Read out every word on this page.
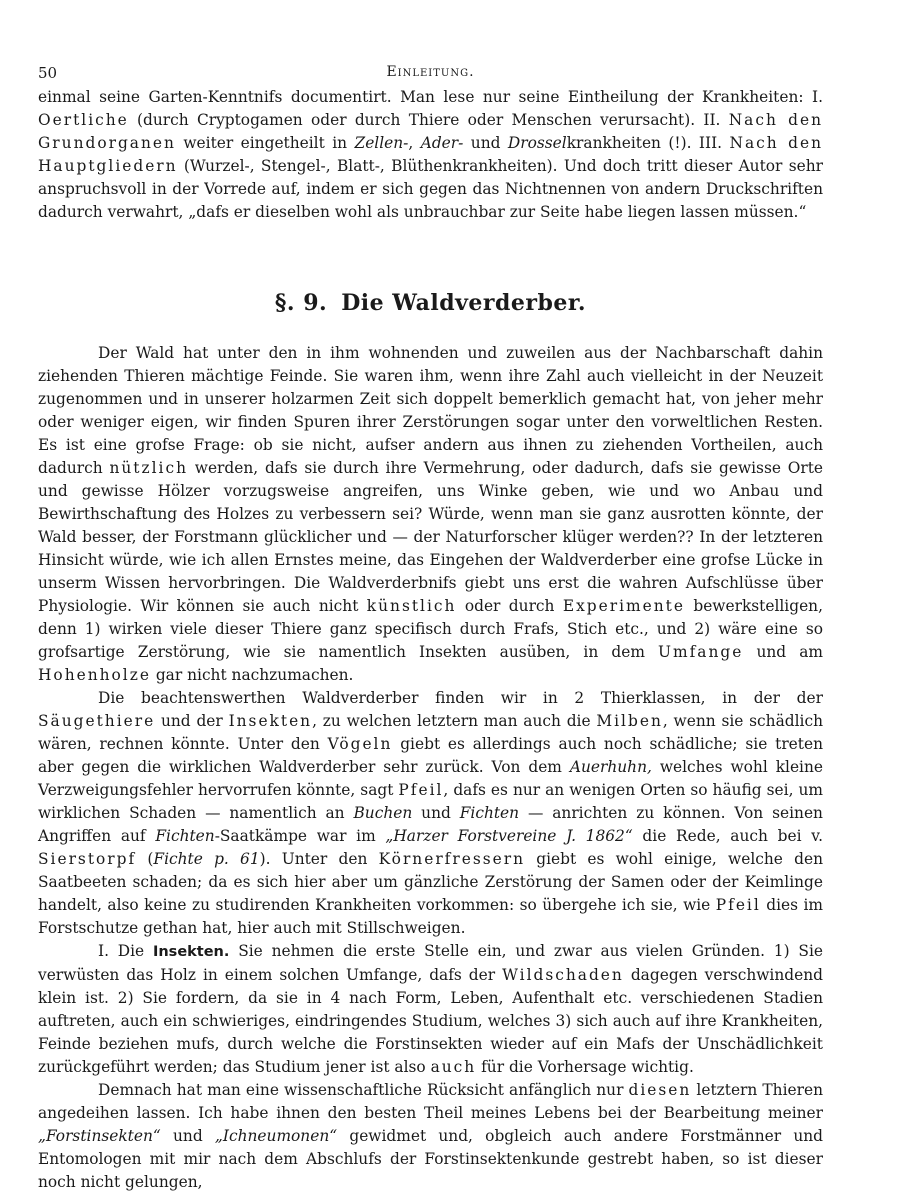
50	Einleitung.

einmal seine Garten-Kenntnifs documentirt. Man lese nur seine Eintheilung der Krankheiten: I. Oertliche (durch Cryptogamen oder durch Thiere oder Menschen verursacht). II. Nach den Grundorganen weiter eingetheilt in Zellen-, Ader- und Drosselkrankheiten (!). III. Nach den Hauptgliedern (Wurzel-, Stengel-, Blatt-, Blüthenkrankheiten). Und doch tritt dieser Autor sehr anspruchsvoll in der Vorrede auf, indem er sich gegen das Nichtnennen von andern Druckschriften dadurch verwahrt, „dafs er dieselben wohl als unbrauchbar zur Seite habe liegen lassen müssen.“

§. 9. Die Waldverderber.

Der Wald hat unter den in ihm wohnenden und zuweilen aus der Nachbarschaft dahin ziehenden Thieren mächtige Feinde. Sie waren ihm, wenn ihre Zahl auch vielleicht in der Neuzeit zugenommen und in unserer holzarmen Zeit sich doppelt bemerklich gemacht hat, von jeher mehr oder weniger eigen, wir finden Spuren ihrer Zerstörungen sogar unter den vorweltlichen Resten. Es ist eine grofse Frage: ob sie nicht, aufser andern aus ihnen zu ziehenden Vortheilen, auch dadurch nützlich werden, dafs sie durch ihre Vermehrung, oder dadurch, dafs sie gewisse Orte und gewisse Hölzer vorzugsweise angreifen, uns Winke geben, wie und wo Anbau und Bewirthschaftung des Holzes zu verbessern sei? Würde, wenn man sie ganz ausrotten könnte, der Wald besser, der Forstmann glücklicher und — der Naturforscher klüger werden?? In der letzteren Hinsicht würde, wie ich allen Ernstes meine, das Eingehen der Waldverderber eine grofse Lücke in unserm Wissen hervorbringen. Die Waldverderbnifs giebt uns erst die wahren Aufschlüsse über Physiologie. Wir können sie auch nicht künstlich oder durch Experimente bewerkstelligen, denn 1) wirken viele dieser Thiere ganz specifisch durch Frafs, Stich etc., und 2) wäre eine so grofsartige Zerstörung, wie sie namentlich Insekten ausüben, in dem Umfange und am Hohenholze gar nicht nachzumachen.

Die beachtenswerthen Waldverderber finden wir in 2 Thierklassen, in der der Säugethiere und der Insekten, zu welchen letztern man auch die Milben, wenn sie schädlich wären, rechnen könnte. Unter den Vögeln giebt es allerdings auch noch schädliche; sie treten aber gegen die wirklichen Waldverderber sehr zurück. Von dem Auerhuhn, welches wohl kleine Verzweigungsfehler hervorrufen könnte, sagt Pfeil, dafs es nur an wenigen Orten so häufig sei, um wirklichen Schaden — namentlich an Buchen und Fichten — anrichten zu können. Von seinen Angriffen auf Fichten-Saatkämpe war im „Harzer Forstvereine J. 1862“ die Rede, auch bei v. Sierstorpf (Fichte p. 61). Unter den Körnerfressern giebt es wohl einige, welche den Saatbeeten schaden; da es sich hier aber um gänzliche Zerstörung der Samen oder der Keimlinge handelt, also keine zu studirenden Krankheiten vorkommen: so übergehe ich sie, wie Pfeil dies im Forstschutze gethan hat, hier auch mit Stillschweigen.

I. Die Insekten. Sie nehmen die erste Stelle ein, und zwar aus vielen Gründen. 1) Sie verwüsten das Holz in einem solchen Umfange, dafs der Wildschaden dagegen verschwindend klein ist. 2) Sie fordern, da sie in 4 nach Form, Leben, Aufenthalt etc. verschiedenen Stadien auftreten, auch ein schwieriges, eindringendes Studium, welches 3) sich auch auf ihre Krankheiten, Feinde beziehen mufs, durch welche die Forstinsekten wieder auf ein Mafs der Unschädlichkeit zurückgeführt werden; das Studium jener ist also auch für die Vorhersage wichtig.

Demnach hat man eine wissenschaftliche Rücksicht anfänglich nur diesen letztern Thieren angedeihen lassen. Ich habe ihnen den besten Theil meines Lebens bei der Bearbeitung meiner „Forstinsekten“ und „Ichneumonen“ gewidmet und, obgleich auch andere Forstmänner und Entomologen mit mir nach dem Abschlufs der Forstinsektenkunde gestrebt haben, so ist dieser noch nicht gelungen,
